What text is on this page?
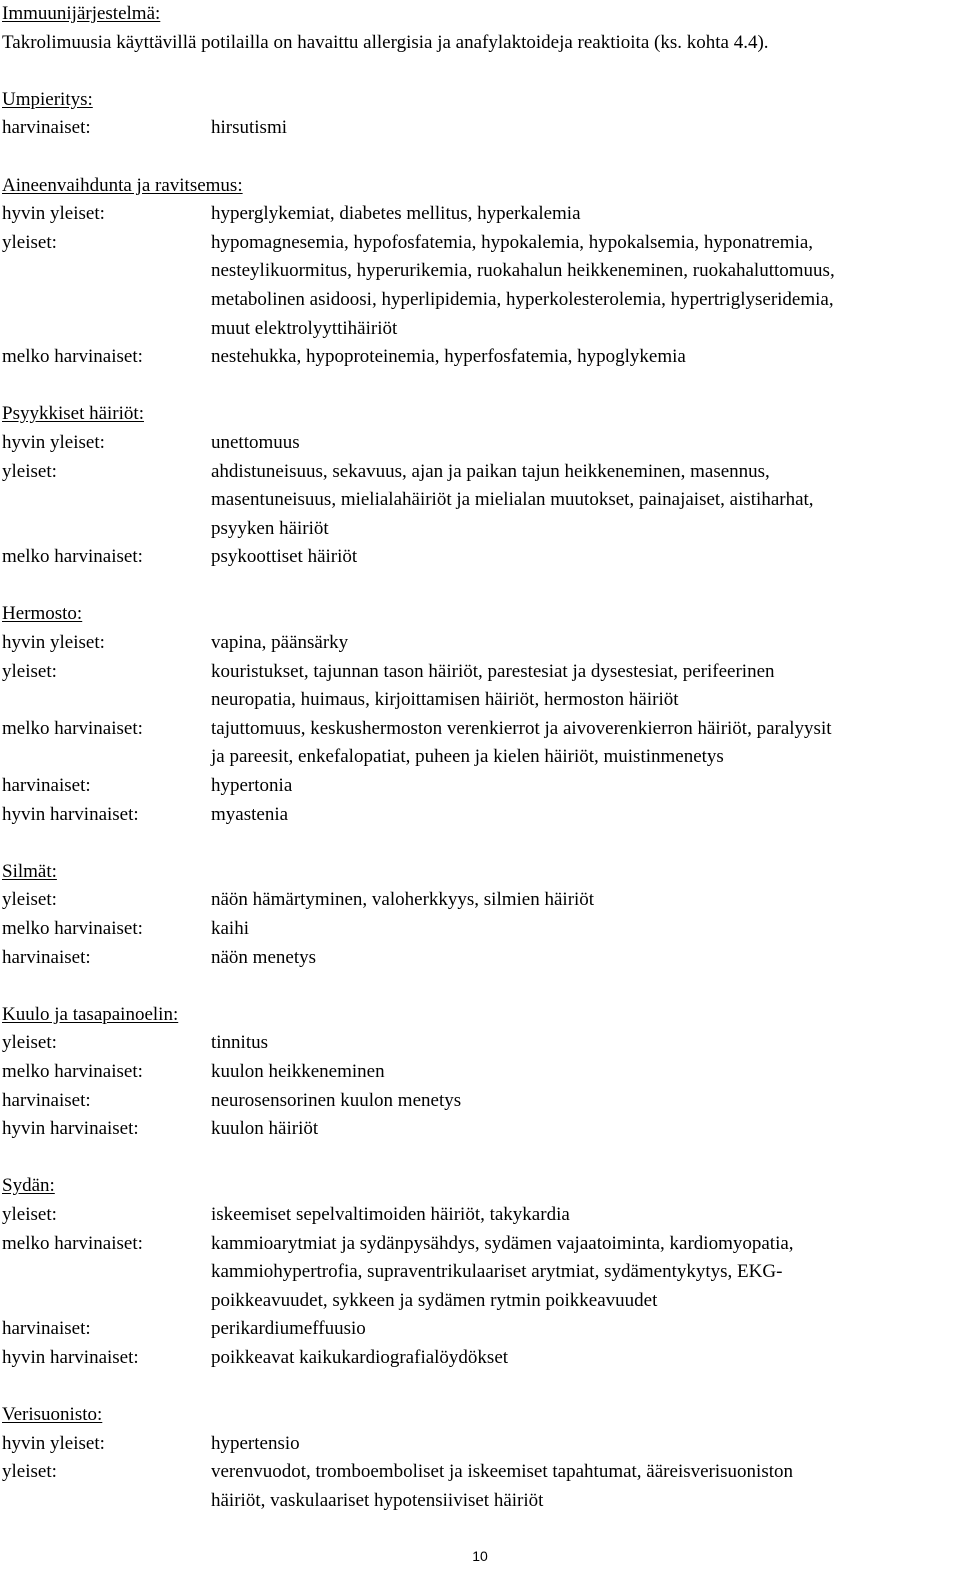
Immuunijärjestelmä:
Takrolimuusia käyttävillä potilailla on havaittu allergisia ja anafylaktoideja reaktioita (ks. kohta 4.4).
Umpieritys:
harvinaiset:	hirsutismi
Aineenvaihdunta ja ravitsemus:
hyvin yleiset:	hyperglykemiat, diabetes mellitus, hyperkalemia
yleiset:	hypomagnesemia, hypofosfatemia, hypokalemia, hypokalsemia, hyponatremia,
nesteylikuormitus, hyperurikemia, ruokahalun heikkeneminen, ruokahaluttomuus,
metabolinen asidoosi, hyperlipidemia, hyperkolesterolemia, hypertriglyseridemia,
muut elektrolyyttihäiriöt
melko harvinaiset:	nestehukka, hypoproteinemia, hyperfosfatemia, hypoglykemia
Psyykkiset häiriöt:
hyvin yleiset:	unettomuus
yleiset:	ahdistuneisuus, sekavuus, ajan ja paikan tajun heikkeneminen, masennus,
masentuneisuus, mielialahäiriöt ja mielialan muutokset, painajaiset, aistiharhat,
psyyken häiriöt
melko harvinaiset:	psykoottiset häiriöt
Hermosto:
hyvin yleiset:	vapina, päänsärky
yleiset:	kouristukset, tajunnan tason häiriöt, parestesiat ja dysestesiat, perifeerinen
neuropatia, huimaus, kirjoittamisen häiriöt, hermoston häiriöt
melko harvinaiset:	tajuttomuus, keskushermoston verenkierrot ja aivoverenkierron häiriöt, paralyysit
ja pareesit, enkefalopatiat, puheen ja kielen häiriöt, muistinmenetys
harvinaiset:	hypertonia
hyvin harvinaiset:	myastenia
Silmät:
yleiset:	näön hämärtyminen, valoherkkyys, silmien häiriöt
melko harvinaiset:	kaihi
harvinaiset:	näön menetys
Kuulo ja tasapainoelin:
yleiset:	tinnitus
melko harvinaiset:	kuulon heikkeneminen
harvinaiset:	neurosensorinen kuulon menetys
hyvin harvinaiset:	kuulon häiriöt
Sydän:
yleiset:	iskeemiset sepelvaltimoiden häiriöt, takykardia
melko harvinaiset:	kammioarytmiat ja sydänpysähdys, sydämen vajaatoiminta, kardiomyopatia,
kammiohypertrofia, supraventrikulaariset arytmiat, sydämentykytys, EKG-
poikkeavuudet, sykkeen ja sydämen rytmin poikkeavuudet
harvinaiset:	perikardiumeffuusio
hyvin harvinaiset:	poikkeavat kaikukardiografialöydökset
Verisuonisto:
hyvin yleiset:	hypertensio
yleiset:	verenvuodot, tromboemboliset ja iskeemiset tapahtumat, ääreisverisuoniston
häiriöt, vaskulaariset hypotensiiviset häiriöt
10
